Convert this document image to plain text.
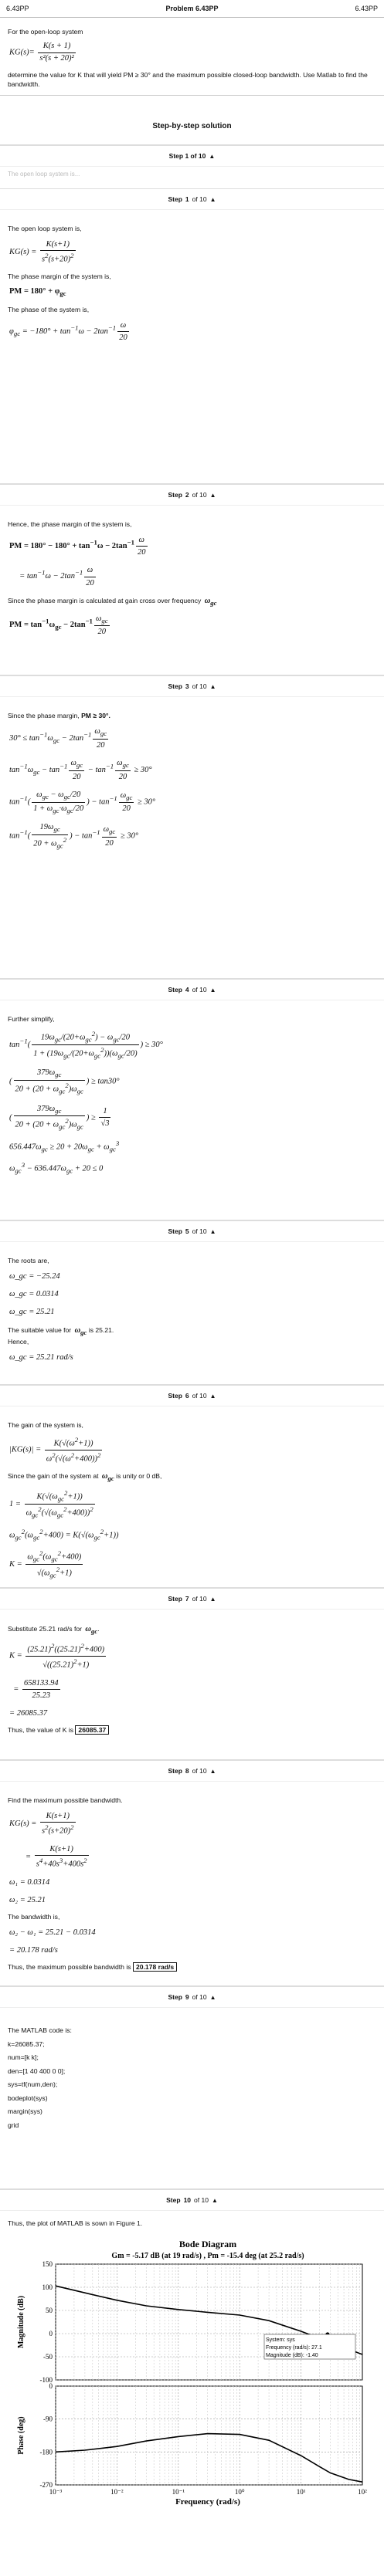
6.43PP	Problem 6.43PP	6.43PP
For the open-loop system
$KG(s)= \frac{K(s + 1)}{\text{s²(s + 20)²}}$
determine the value for K that will yield PM ≥ 30° and the maximum possible closed-loop bandwidth. Use Matlab to find the bandwidth.
Step-by-step solution
Step 1 of 10 ▲
The open loop system is...
Step 1 of 10 ▲
The open loop system is,
$KG(s) = \frac{K(s+1)}{s^2(s+20)^2}$
The phase margin of the system is,
PM = $180^\circ + \varphi_{gc}$
The phase of the system is,
$\varphi_{gc} = -180^\circ + \tan^{-1}\omega - 2\tan^{-1} \frac{\omega}{20}$
Step 2 of 10 ▲
Hence, the phase margin of the system is,
PM = $180^\circ - 180^\circ + \tan^{-1}\omega - 2\tan^{-1} \frac{\omega}{20}$
= $\tan^{-1}\omega - 2\tan^{-1} \frac{\omega}{20}$
Since the phase margin is calculated at gain cross over frequency $\omega_{gc}$
PM = $\tan^{-1}\omega_{gc} - 2\tan^{-1} \frac{\omega_{gc}}{20}$
Step 3 of 10 ▲
Since the phase margin, PM ≥ 30°.
$30^\circ \le \tan^{-1}\omega_{gc} - 2\tan^{-1} \frac{\omega_{gc}}{20}$
$\tan^{-1}\omega_{gc} - \tan^{-1} \frac{\omega_{gc}}{20} - \tan^{-1} \frac{\omega_{gc}}{20} \ge 30^\circ$
$\tan^{-1}( \frac{\omega_{gc} - \omega_{gc}/20}{1 + \omega_{gc}\cdot\omega_{gc}/20}$ ) − $\tan^{-1} \frac{\omega_{gc}}{20} \ge 30^\circ$
$\tan^{-1}( \frac{19\omega_{gc}}{20 + \omega_{gc}^2}$ ) − $\tan^{-1} \frac{\omega_{gc}}{20} \ge 30^\circ$
Step 4 of 10 ▲
Further simplify,
$\tan^{-1}( \frac{19\omega_{gc}/(20+\omega_{gc}^2) - \omega_{gc}/20}{1 + (19\omega_{gc}/(20+\omega_{gc}^2))(\omega_{gc}/20)}$ ) ≥ 30°
( $\frac{379\omega_{gc}}{20 + (20 + \omega_{gc}^2)\omega_{gc}}$ ) ≥ tan30°
( $\frac{379\omega_{gc}}{20 + (20 + \omega_{gc}^2)\omega_{gc}}$ ) ≥ $\frac{1}{√3}$
$656.447\omega_{gc} \ge 20 + 20\omega_{gc} + \omega_{gc}^3$
$\omega_{gc}^3 - 636.447\omega_{gc} + 20 \le 0$
Step 5 of 10 ▲
The roots are,
ω_gc = −25.24
ω_gc = 0.0314
ω_gc = 25.21
The suitable value for $\omega_{gc}$ is 25.21.
Hence,
ω_gc = 25.21 rad/s
Step 6 of 10 ▲
The gain of the system is,
$|KG(s)| = \frac{K(√(\omega^2+1))}{\omega^2(√(\omega^2+400))^2}$
Since the gain of the system at $\omega_{gc}$ is unity or 0 dB,
$1 = \frac{K(√(\omega_{gc}^2+1))}{\omega_{gc}^2(√(\omega_{gc}^2+400))^2}$
$\omega_{gc}^2(\omega_{gc}^2+400) = K(√(\omega_{gc}^2+1))$
$K = \frac{\omega_{gc}^2(\omega_{gc}^2+400)}{√(\omega_{gc}^2+1)}$
Step 7 of 10 ▲
Substitute 25.21 rad/s for $\omega_{gc}$.
$K = \frac{(25.21)^2((25.21)^2+400)}{√((25.21)^2+1)}$
= $\frac{658133.94}{25.23}$
= 26085.37
Thus, the value of K is 26085.37
Step 8 of 10 ▲
Find the maximum possible bandwidth.
$KG(s) = \frac{K(s+1)}{s^2(s+20)^2}$
= $\frac{K(s+1)}{s^4+40s^3+400s^2}$
ω₁ = 0.0314
ω₂ = 25.21
The bandwidth is,
ω₂ − ω₁ = 25.21 − 0.0314
= 20.178 rad/s
Thus, the maximum possible bandwidth is 20.178 rad/s
Step 9 of 10 ▲
The MATLAB code is:
k=26085.37;
num=[k k];
den=[1 40 400 0 0];
sys=tf(num,den);
bodeplot(sys)
margin(sys)
grid
Step 10 of 10 ▲
Thus, the plot of MATLAB is sown in Figure 1.
Bode Diagram
Gm = -5.17 dB (at 19 rad/s) , Pm = -15.4 deg (at 25.2 rad/s)
150
100
50
0
-50
-100
Magnitude (dB)	System: sys
Frequency (rad/s): 27.1
Magnitude (dB): -1.40
0
-90
-180
-270
Phase (deg)
10⁻³	10⁻²	10⁻¹	10⁰	10¹	10²
Frequency (rad/s)
